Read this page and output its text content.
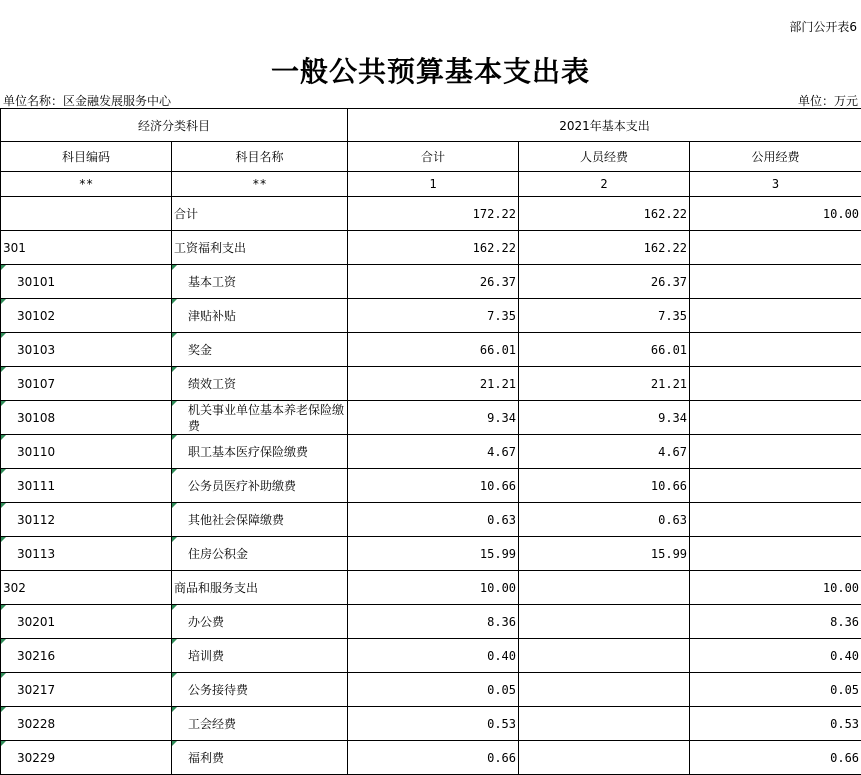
部门公开表6
一般公共预算基本支出表
单位名称：区金融发展服务中心	单位：万元
经济分类科目		2021年基本支出		
科目编码	科目名称	合计	人员经费	公用经费
**	**	1	2	3
	合计	172.22	162.22	10.00
301	工资福利支出	162.22	162.22	

30101	基本工资	26.37	26.37	

30102	津贴补贴	7.35	7.35	

30103	奖金	66.01	66.01	

30107	绩效工资	21.21	21.21	

30108	机关事业单位基本养老保险缴费	9.34	9.34	

30110	职工基本医疗保险缴费	4.67	4.67	

30111	公务员医疗补助缴费	10.66	10.66	

30112	其他社会保障缴费	0.63	0.63	

30113	住房公积金	15.99	15.99	
302	商品和服务支出	10.00		10.00

30201	办公费	8.36		8.36

30216	培训费	0.40		0.40

30217	公务接待费	0.05		0.05

30228	工会经费	0.53		0.53

30229	福利费	0.66		0.66
